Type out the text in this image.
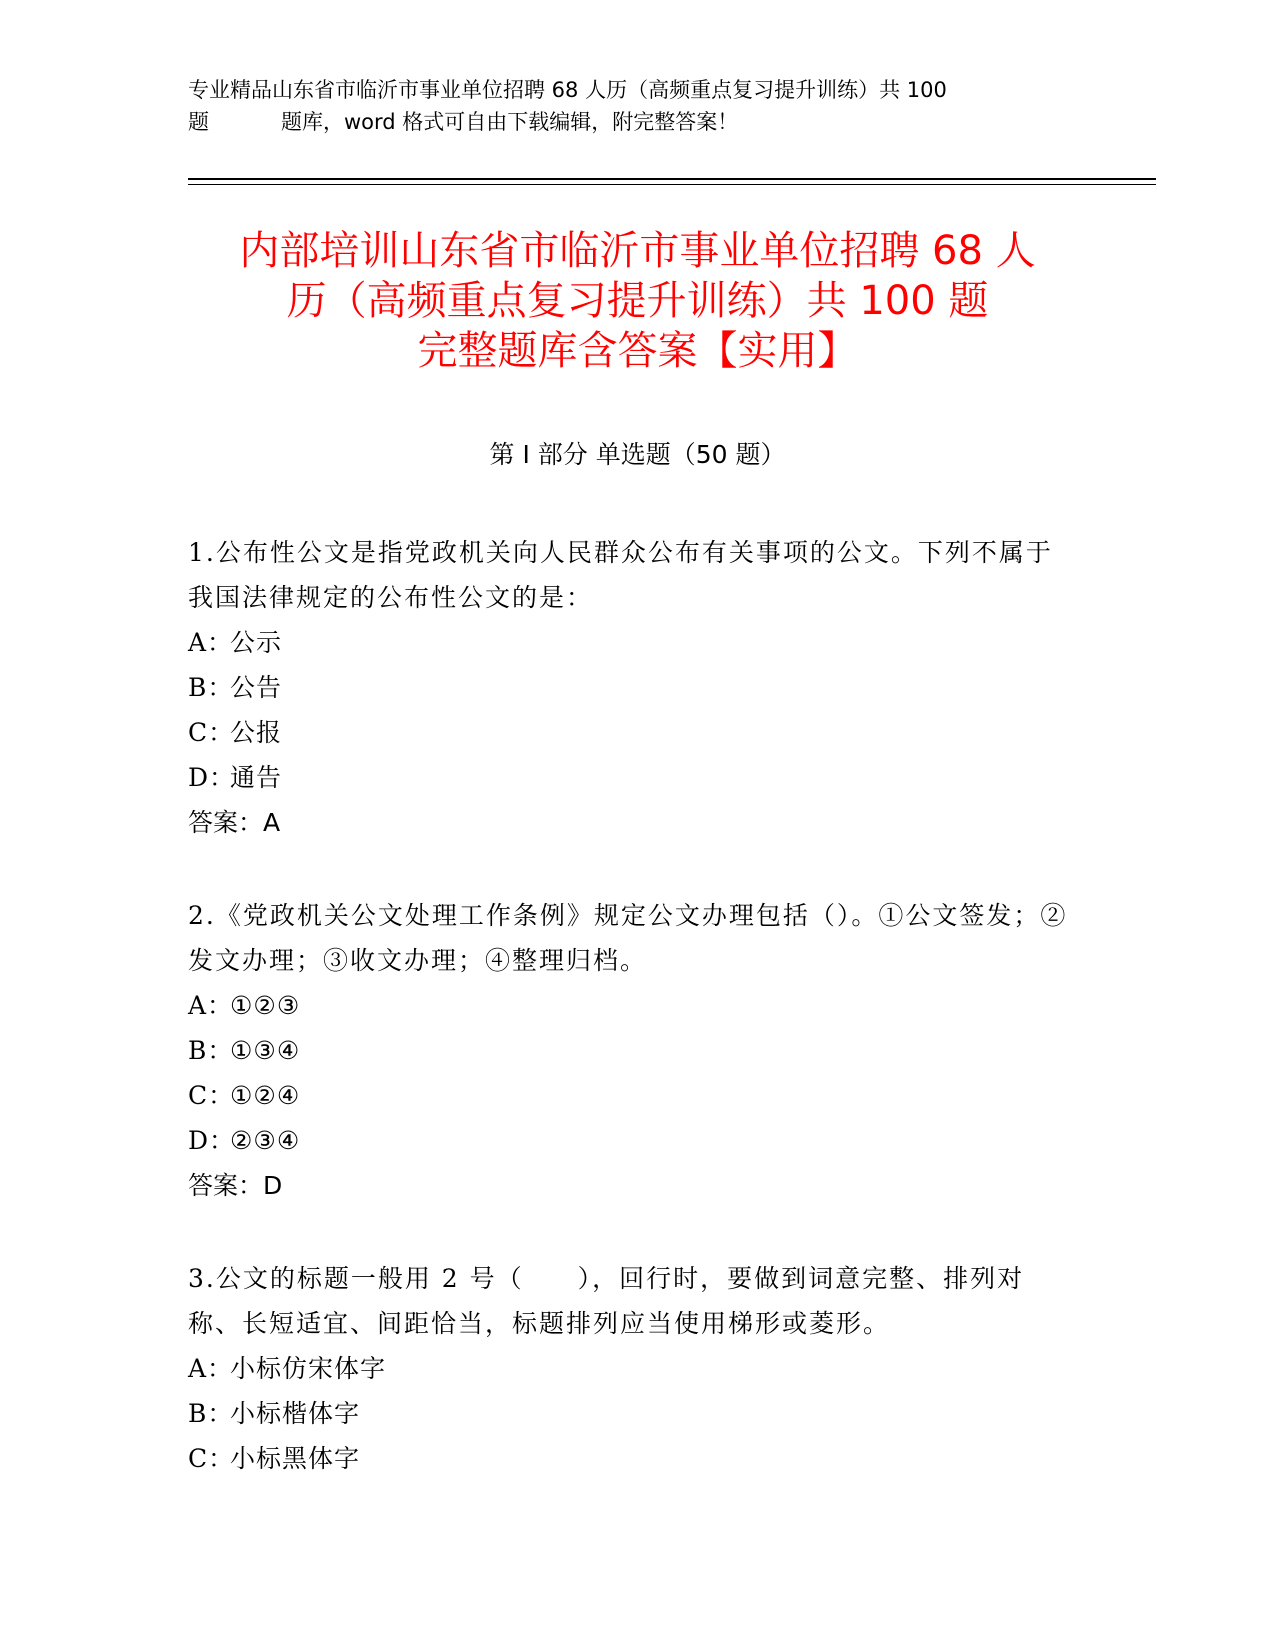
专业精品山东省市临沂市事业单位招聘 68 人历（高频重点复习提升训练）共 100
题	题库，word 格式可自由下载编辑，附完整答案！
内部培训山东省市临沂市事业单位招聘 68 人
历（高频重点复习提升训练）共 100 题
完整题库含答案【实用】
第 I 部分 单选题（50 题）

1.公布性公文是指党政机关向人民群众公布有关事项的公文。下列不属于我国法律规定的公布性公文的是：

A：公示

B：公告

C：公报

D：通告

答案：A

2.《党政机关公文处理工作条例》规定公文办理包括（）。①公文签发；②发文办理；③收文办理；④整理归档。

A：①②③

B：①③④

C：①②④

D：②③④

答案：D

3.公文的标题一般用 2 号（　　），回行时，要做到词意完整、排列对称、长短适宜、间距恰当，标题排列应当使用梯形或菱形。

A：小标仿宋体字

B：小标楷体字

C：小标黑体字
